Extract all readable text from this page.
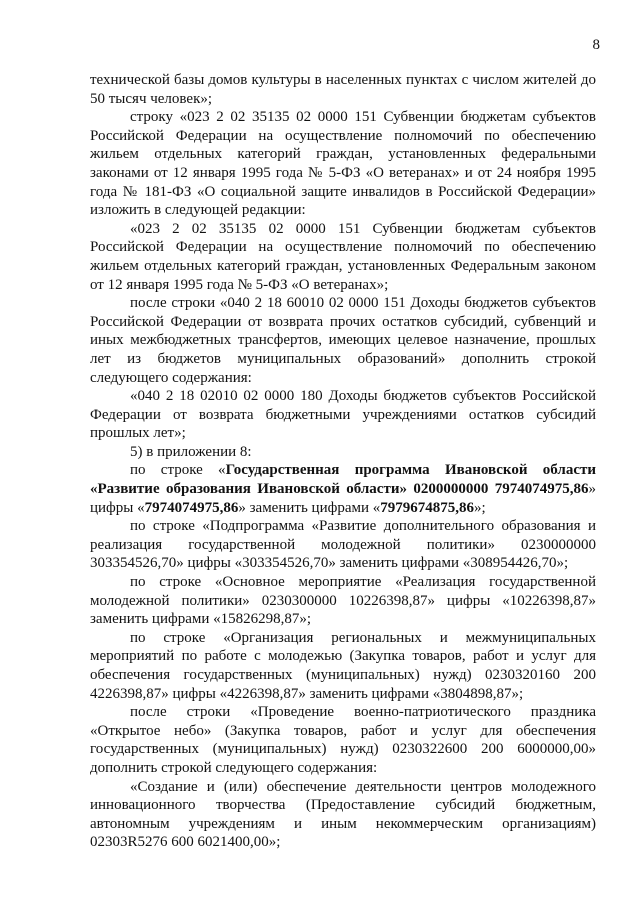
8

технической базы домов культуры в населенных пунктах с числом жителей до 50 тысяч человек»;

строку «023 2 02 35135 02 0000 151 Субвенции бюджетам субъектов Российской Федерации на осуществление полномочий по обеспечению жильем отдельных категорий граждан, установленных федеральными законами от 12 января 1995 года № 5-ФЗ «О ветеранах» и от 24 ноября 1995 года № 181-ФЗ «О социальной защите инвалидов в Российской Федерации» изложить в следующей редакции:

«023 2 02 35135 02 0000 151 Субвенции бюджетам субъектов Российской Федерации на осуществление полномочий по обеспечению жильем отдельных категорий граждан, установленных Федеральным законом от 12 января 1995 года № 5-ФЗ «О ветеранах»;

после строки «040 2 18 60010 02 0000 151 Доходы бюджетов субъектов Российской Федерации от возврата прочих остатков субсидий, субвенций и иных межбюджетных трансфертов, имеющих целевое назначение, прошлых лет из бюджетов муниципальных образований» дополнить строкой следующего содержания:

«040 2 18 02010 02 0000 180 Доходы бюджетов субъектов Российской Федерации от возврата бюджетными учреждениями остатков субсидий прошлых лет»;

5) в приложении 8:

по строке «Государственная программа Ивановской области «Развитие образования Ивановской области» 0200000000 7974074975,86» цифры «7974074975,86» заменить цифрами «7979674875,86»;

по строке «Подпрограмма «Развитие дополнительного образования и реализация государственной молодежной политики» 0230000000 303354526,70» цифры «303354526,70» заменить цифрами «308954426,70»;

по строке «Основное мероприятие «Реализация государственной молодежной политики» 0230300000 10226398,87» цифры «10226398,87» заменить цифрами «15826298,87»;

по строке «Организация региональных и межмуниципальных мероприятий по работе с молодежью (Закупка товаров, работ и услуг для обеспечения государственных (муниципальных) нужд) 0230320160 200 4226398,87» цифры «4226398,87» заменить цифрами «3804898,87»;

после строки «Проведение военно-патриотического праздника «Открытое небо» (Закупка товаров, работ и услуг для обеспечения государственных (муниципальных) нужд) 0230322600 200 6000000,00» дополнить строкой следующего содержания:

«Создание и (или) обеспечение деятельности центров молодежного инновационного творчества (Предоставление субсидий бюджетным, автономным учреждениям и иным некоммерческим организациям) 02303R5276 600 6021400,00»;
